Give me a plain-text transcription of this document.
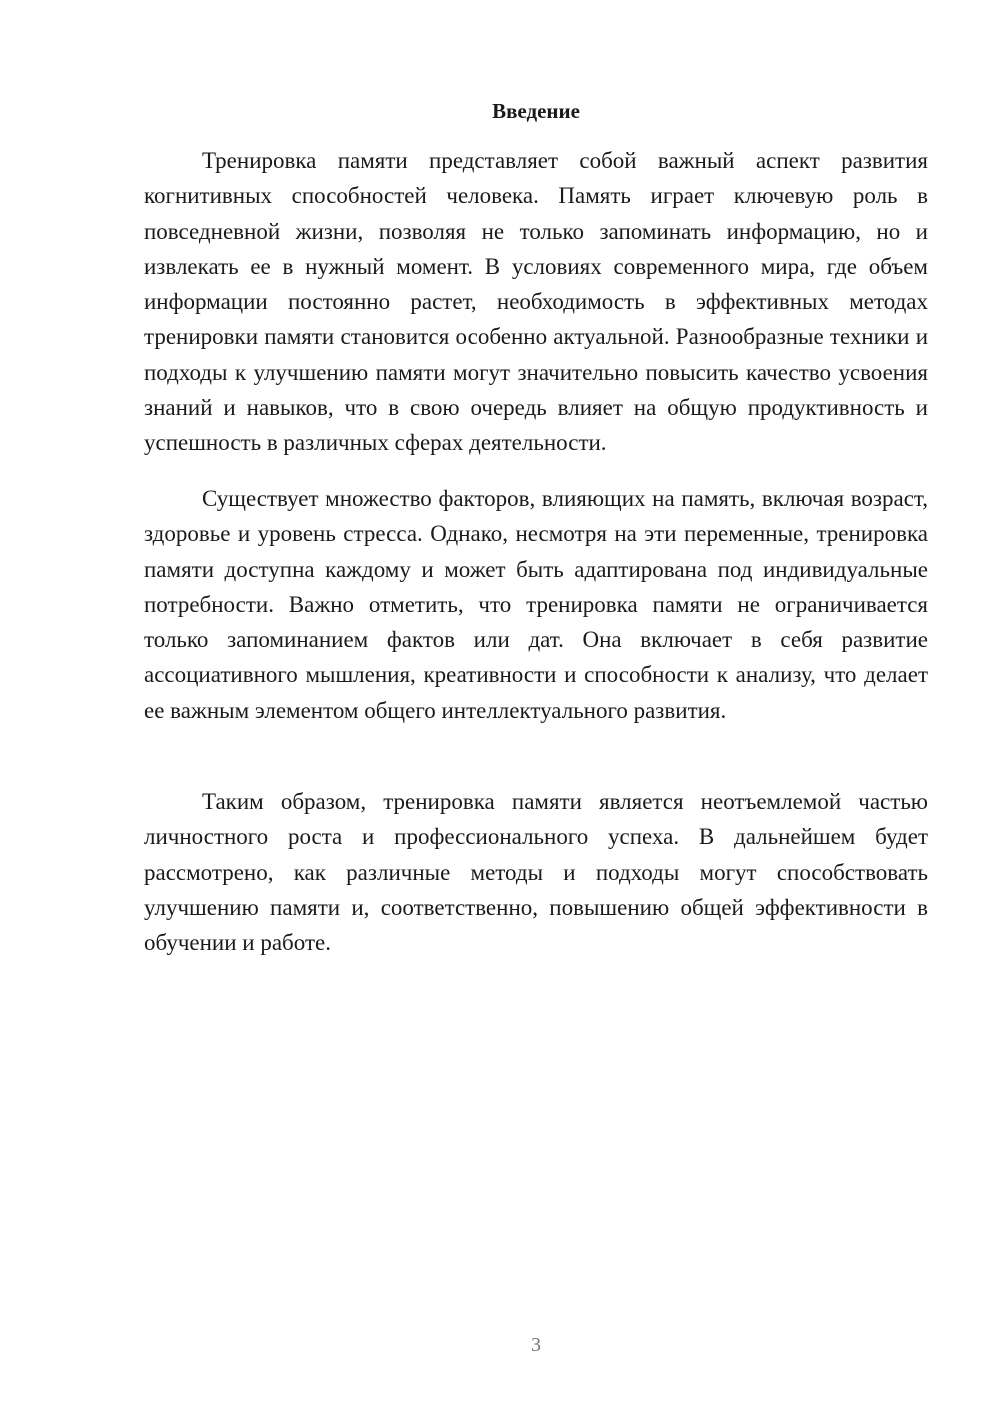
Введение

Тренировка памяти представляет собой важный аспект развития когнитивных способностей человека. Память играет ключевую роль в повседневной жизни, позволяя не только запоминать информацию, но и извлекать ее в нужный момент. В условиях современного мира, где объем информации постоянно растет, необходимость в эффективных методах тренировки памяти становится особенно актуальной. Разнообразные техники и подходы к улучшению памяти могут значительно повысить качество усвоения знаний и навыков, что в свою очередь влияет на общую продуктивность и успешность в различных сферах деятельности.

Существует множество факторов, влияющих на память, включая возраст, здоровье и уровень стресса. Однако, несмотря на эти переменные, тренировка памяти доступна каждому и может быть адаптирована под индивидуальные потребности. Важно отметить, что тренировка памяти не ограничивается только запоминанием фактов или дат. Она включает в себя развитие ассоциативного мышления, креативности и способности к анализу, что делает ее важным элементом общего интеллектуального развития.

Таким образом, тренировка памяти является неотъемлемой частью личностного роста и профессионального успеха. В дальнейшем будет рассмотрено, как различные методы и подходы могут способствовать улучшению памяти и, соответственно, повышению общей эффективности в обучении и работе.

3
